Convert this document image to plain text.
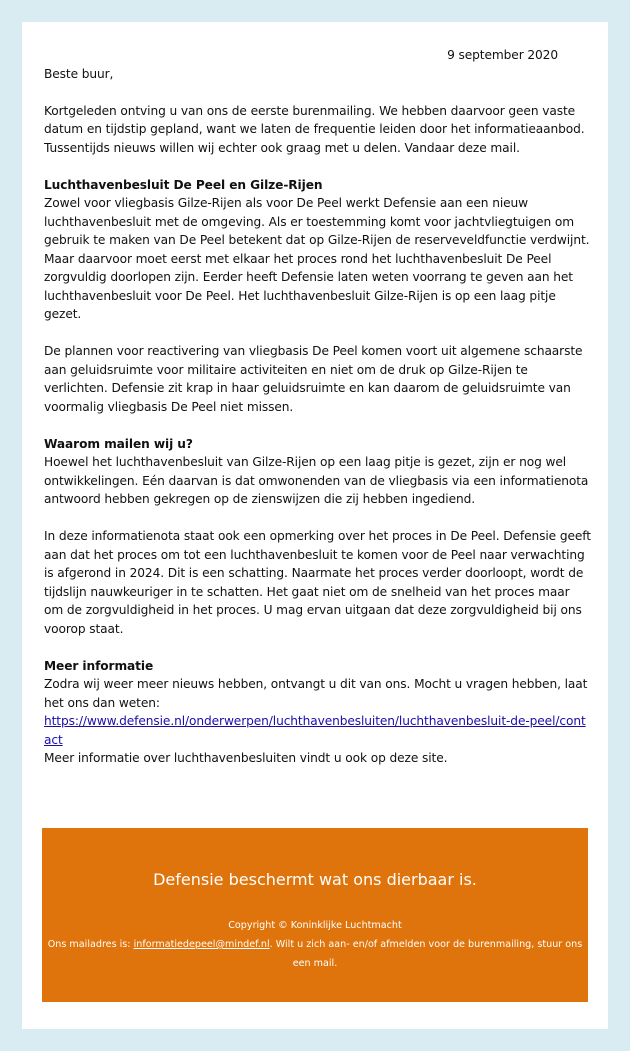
9 september 2020
Beste buur,
Kortgeleden ontving u van ons de eerste burenmailing. We hebben daarvoor geen vaste datum en tijdstip gepland, want we laten de frequentie leiden door het informatieaanbod. Tussentijds nieuws willen wij echter ook graag met u delen. Vandaar deze mail.
Luchthavenbesluit De Peel en Gilze-Rijen
Zowel voor vliegbasis Gilze-Rijen als voor De Peel werkt Defensie aan een nieuw luchthavenbesluit met de omgeving. Als er toestemming komt voor jachtvliegtuigen om gebruik te maken van De Peel betekent dat op Gilze-Rijen de reserveveldfunctie verdwijnt. Maar daarvoor moet eerst met elkaar het proces rond het luchthavenbesluit De Peel zorgvuldig doorlopen zijn. Eerder heeft Defensie laten weten voorrang te geven aan het luchthavenbesluit voor De Peel. Het luchthavenbesluit Gilze-Rijen is op een laag pitje gezet.
De plannen voor reactivering van vliegbasis De Peel komen voort uit algemene schaarste aan geluidsruimte voor militaire activiteiten en niet om de druk op Gilze-Rijen te verlichten. Defensie zit krap in haar geluidsruimte en kan daarom de geluidsruimte van voormalig vliegbasis De Peel niet missen.
Waarom mailen wij u?
Hoewel het luchthavenbesluit van Gilze-Rijen op een laag pitje is gezet, zijn er nog wel ontwikkelingen. Eén daarvan is dat omwonenden van de vliegbasis via een informatienota antwoord hebben gekregen op de zienswijzen die zij hebben ingediend.
In deze informatienota staat ook een opmerking over het proces in De Peel. Defensie geeft aan dat het proces om tot een luchthavenbesluit te komen voor de Peel naar verwachting is afgerond in 2024. Dit is een schatting. Naarmate het proces verder doorloopt, wordt de tijdslijn nauwkeuriger in te schatten. Het gaat niet om de snelheid van het proces maar om de zorgvuldigheid in het proces. U mag ervan uitgaan dat deze zorgvuldigheid bij ons voorop staat.
Meer informatie
Zodra wij weer meer nieuws hebben, ontvangt u dit van ons. Mocht u vragen hebben, laat het ons dan weten:
https://www.defensie.nl/onderwerpen/luchthavenbesluiten/luchthavenbesluit-de-peel/contact
Meer informatie over luchthavenbesluiten vindt u ook op deze site.
Defensie beschermt wat ons dierbaar is.
Copyright © Koninklijke Luchtmacht
Ons mailadres is: informatiedepeel@mindef.nl. Wilt u zich aan- en/of afmelden voor de burenmailing, stuur ons een mail.
